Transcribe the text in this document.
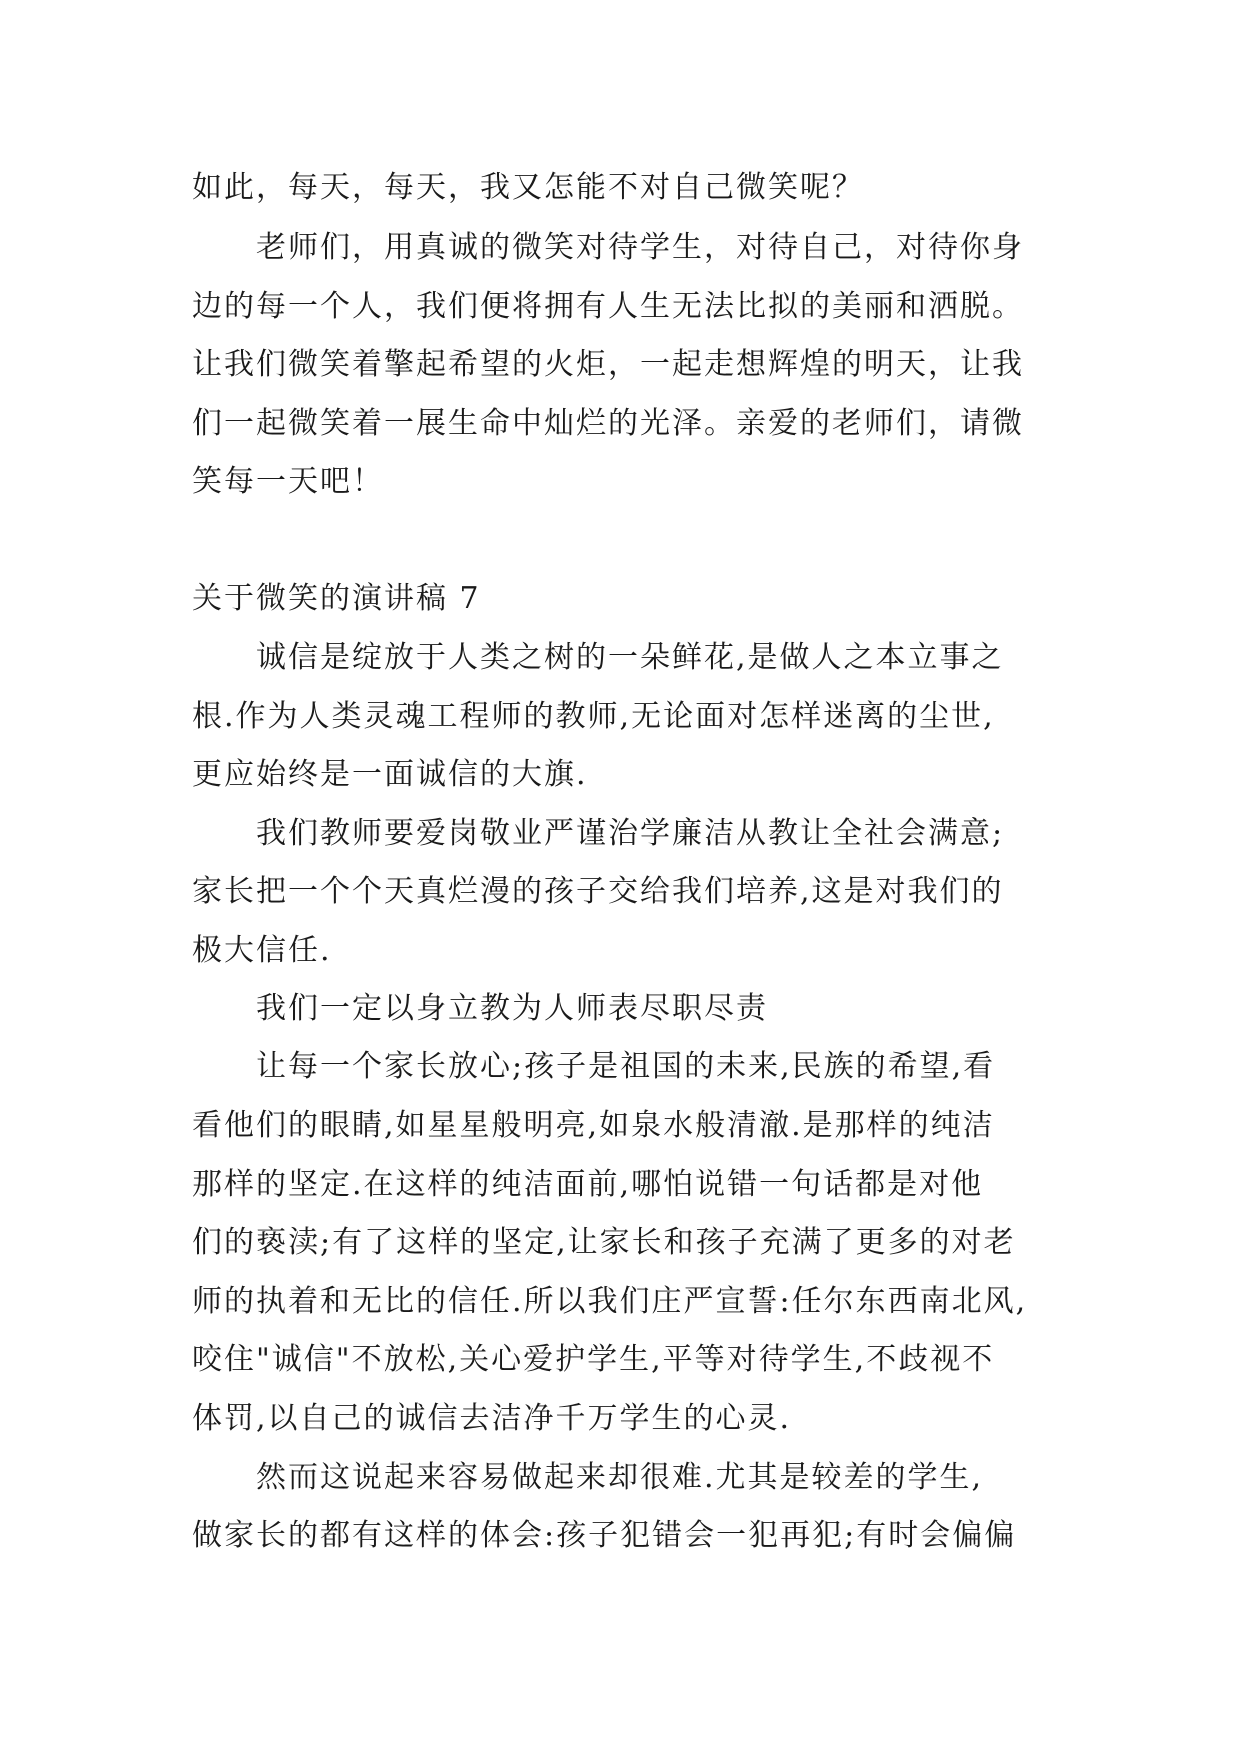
如此，每天，每天，我又怎能不对自己微笑呢？
老师们，用真诚的微笑对待学生，对待自己，对待你身
边的每一个人，我们便将拥有人生无法比拟的美丽和洒脱。
让我们微笑着擎起希望的火炬，一起走想辉煌的明天，让我
们一起微笑着一展生命中灿烂的光泽。亲爱的老师们，请微
笑每一天吧！
关于微笑的演讲稿 7
诚信是绽放于人类之树的一朵鲜花,是做人之本立事之
根.作为人类灵魂工程师的教师,无论面对怎样迷离的尘世,
更应始终是一面诚信的大旗.
我们教师要爱岗敬业严谨治学廉洁从教让全社会满意;
家长把一个个天真烂漫的孩子交给我们培养,这是对我们的
极大信任.
我们一定以身立教为人师表尽职尽责
让每一个家长放心;孩子是祖国的未来,民族的希望,看
看他们的眼睛,如星星般明亮,如泉水般清澈.是那样的纯洁
那样的坚定.在这样的纯洁面前,哪怕说错一句话都是对他
们的亵渎;有了这样的坚定,让家长和孩子充满了更多的对老
师的执着和无比的信任.所以我们庄严宣誓:任尔东西南北风,
咬住"诚信"不放松,关心爱护学生,平等对待学生,不歧视不
体罚,以自己的诚信去洁净千万学生的心灵.
然而这说起来容易做起来却很难.尤其是较差的学生,
做家长的都有这样的体会:孩子犯错会一犯再犯;有时会偏偏
